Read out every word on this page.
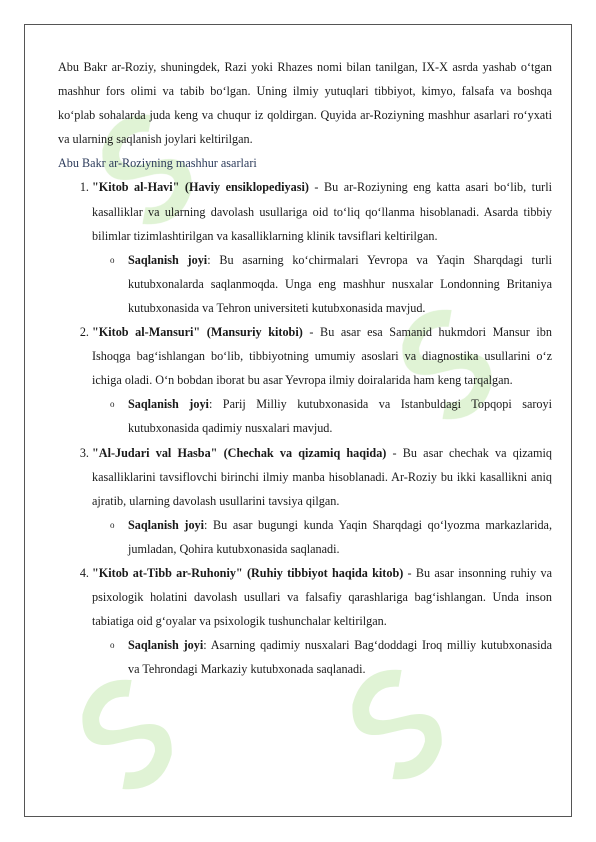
Abu Bakr ar-Roziy, shuningdek, Razi yoki Rhazes nomi bilan tanilgan, IX-X asrda yashab o‘tgan mashhur fors olimi va tabib bo‘lgan. Uning ilmiy yutuqlari tibbiyot, kimyo, falsafa va boshqa ko‘plab sohalarda juda keng va chuqur iz qoldirgan. Quyida ar-Roziyning mashhur asarlari ro‘yxati va ularning saqlanish joylari keltirilgan.

Abu Bakr ar-Roziyning mashhur asarlari
1. "Kitob al-Havi" (Haviy ensiklopediyasi) - Bu ar-Roziyning eng katta asari bo‘lib, turli kasalliklar va ularning davolash usullariga oid to‘liq qo‘llanma hisoblanadi. Asarda tibbiy bilimlar tizimlashtirilgan va kasalliklarning klinik tavsiflari keltirilgan.
o Saqlanish joyi: Bu asarning ko‘chirmalari Yevropa va Yaqin Sharqdagi turli kutubxonalarda saqlanmoqda. Unga eng mashhur nusxalar Londonning Britaniya kutubxonasida va Tehron universiteti kutubxonasida mavjud.
2. "Kitob al-Mansuri" (Mansuriy kitobi) - Bu asar esa Samanid hukmdori Mansur ibn Ishoqga bag‘ishlangan bo‘lib, tibbiyotning umumiy asoslari va diagnostika usullarini o‘z ichiga oladi. O‘n bobdan iborat bu asar Yevropa ilmiy doiralarida ham keng tarqalgan.
o Saqlanish joyi: Parij Milliy kutubxonasida va Istanbuldagi Topqopi saroyi kutubxonasida qadimiy nusxalari mavjud.
3. "Al-Judari val Hasba" (Chechak va qizamiq haqida) - Bu asar chechak va qizamiq kasalliklarini tavsiflovchi birinchi ilmiy manba hisoblanadi. Ar-Roziy bu ikki kasallikni aniq ajratib, ularning davolash usullarini tavsiya qilgan.
o Saqlanish joyi: Bu asar bugungi kunda Yaqin Sharqdagi qo‘lyozma markazlarida, jumladan, Qohira kutubxonasida saqlanadi.
4. "Kitob at-Tibb ar-Ruhoniy" (Ruhiy tibbiyot haqida kitob) - Bu asar insonning ruhiy va psixologik holatini davolash usullari va falsafiy qarashlariga bag‘ishlangan. Unda inson tabiatiga oid g‘oyalar va psixologik tushunchalar keltirilgan.
o Saqlanish joyi: Asarning qadimiy nusxalari Bag‘doddagi Iroq milliy kutubxonasida va Tehrondagi Markaziy kutubxonada saqlanadi.
